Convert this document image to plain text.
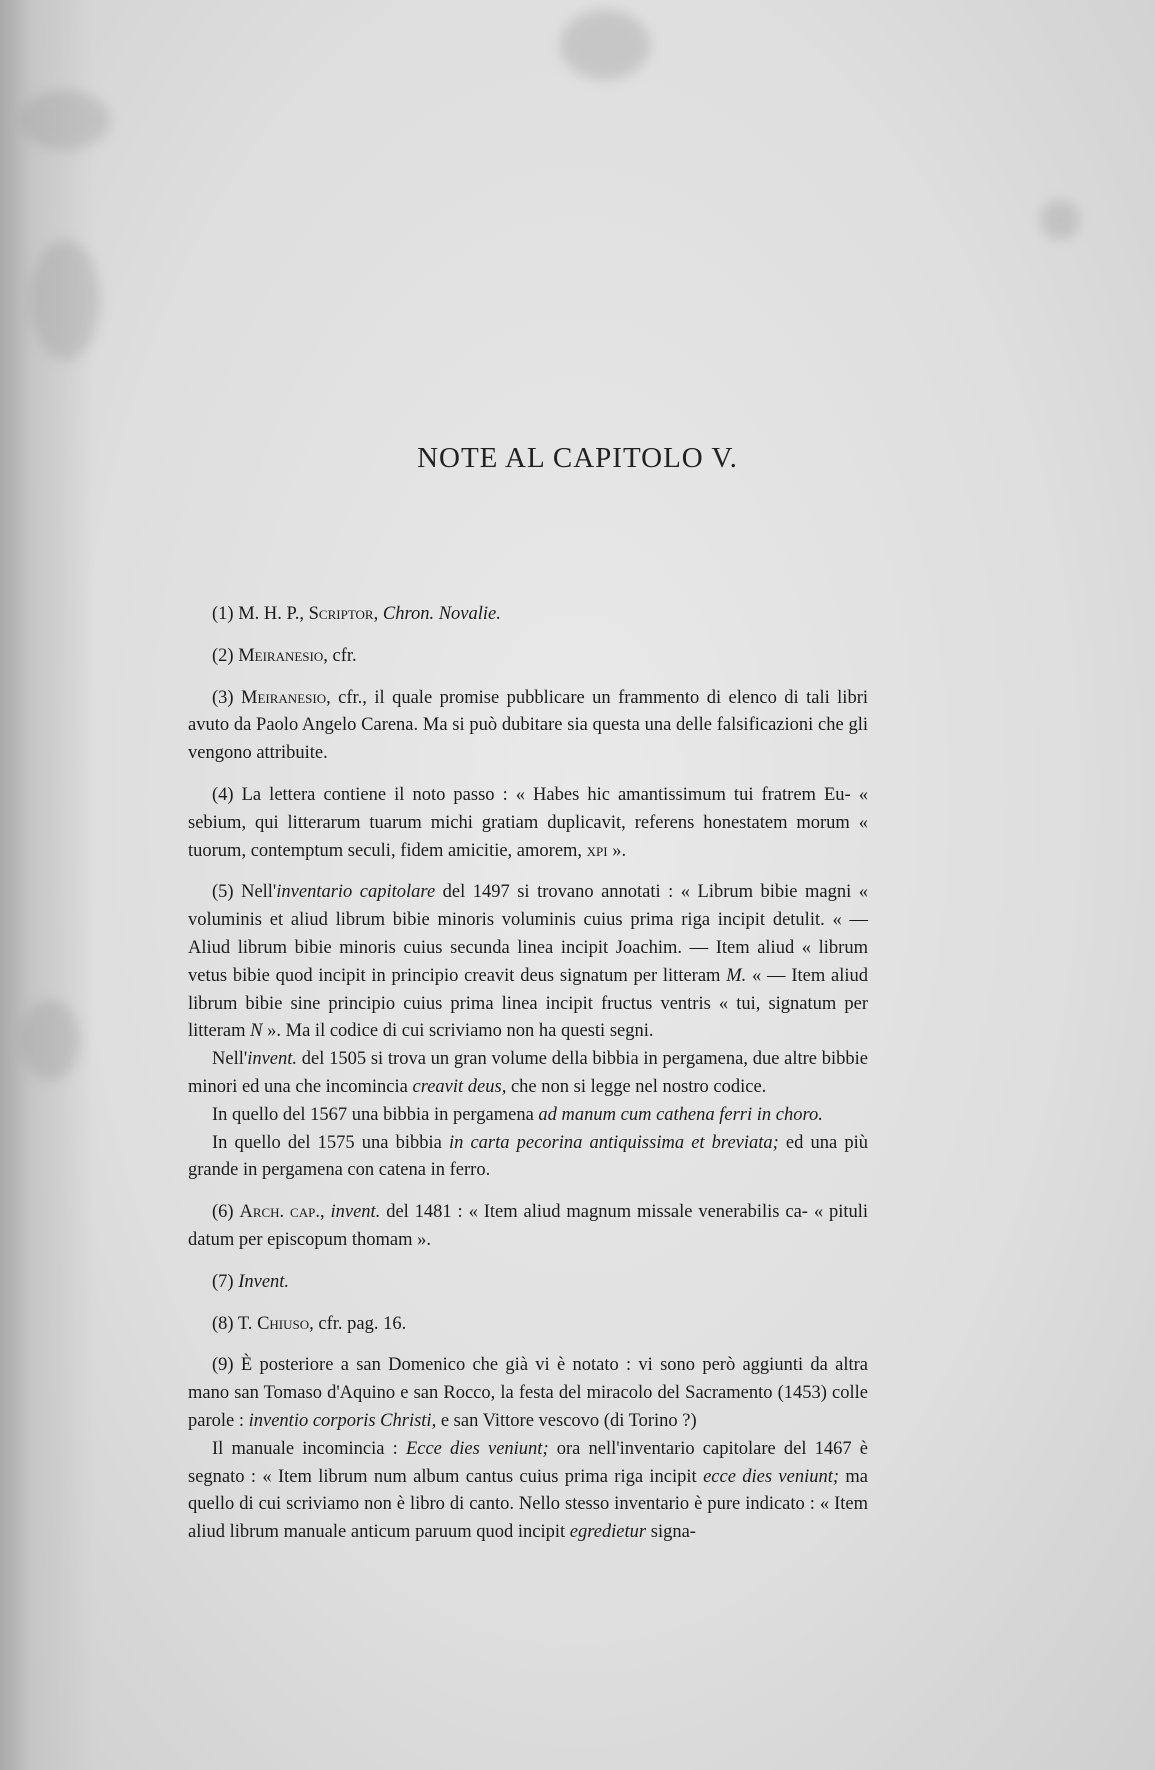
NOTE AL CAPITOLO V.

(1) M. H. P., Scriptor, Chron. Novalie.

(2) Meiranesio, cfr.

(3) Meiranesio, cfr., il quale promise pubblicare un frammento di elenco di tali libri avuto da Paolo Angelo Carena. Ma si può dubitare sia questa una delle falsificazioni che gli vengono attribuite.

(4) La lettera contiene il noto passo : « Habes hic amantissimum tui fratrem Eu- « sebium, qui litterarum tuarum michi gratiam duplicavit, referens honestatem morum « tuorum, contemptum seculi, fidem amicitie, amorem, xpi ».

(5) Nell'inventario capitolare del 1497 si trovano annotati : « Librum bibie magni « voluminis et aliud librum bibie minoris voluminis cuius prima riga incipit detulit. « — Aliud librum bibie minoris cuius secunda linea incipit Joachim. — Item aliud « librum vetus bibie quod incipit in principio creavit deus signatum per litteram M. « — Item aliud librum bibie sine principio cuius prima linea incipit fructus ventris « tui, signatum per litteram N ». Ma il codice di cui scriviamo non ha questi segni.

Nell'invent. del 1505 si trova un gran volume della bibbia in pergamena, due altre bibbie minori ed una che incomincia creavit deus, che non si legge nel nostro codice.

In quello del 1567 una bibbia in pergamena ad manum cum cathena ferri in choro.

In quello del 1575 una bibbia in carta pecorina antiquissima et breviata; ed una più grande in pergamena con catena in ferro.

(6) Arch. cap., invent. del 1481 : « Item aliud magnum missale venerabilis ca- « pituli datum per episcopum thomam ».

(7) Invent.

(8) T. Chiuso, cfr. pag. 16.

(9) È posteriore a san Domenico che già vi è notato : vi sono però aggiunti da altra mano san Tomaso d'Aquino e san Rocco, la festa del miracolo del Sacramento (1453) colle parole : inventio corporis Christi, e san Vittore vescovo (di Torino ?)

Il manuale incomincia : Ecce dies veniunt; ora nell'inventario capitolare del 1467 è segnato : « Item librum num album cantus cuius prima riga incipit ecce dies veniunt; ma quello di cui scriviamo non è libro di canto. Nello stesso inventario è pure indicato : « Item aliud librum manuale anticum paruum quod incipit egredietur signa-
